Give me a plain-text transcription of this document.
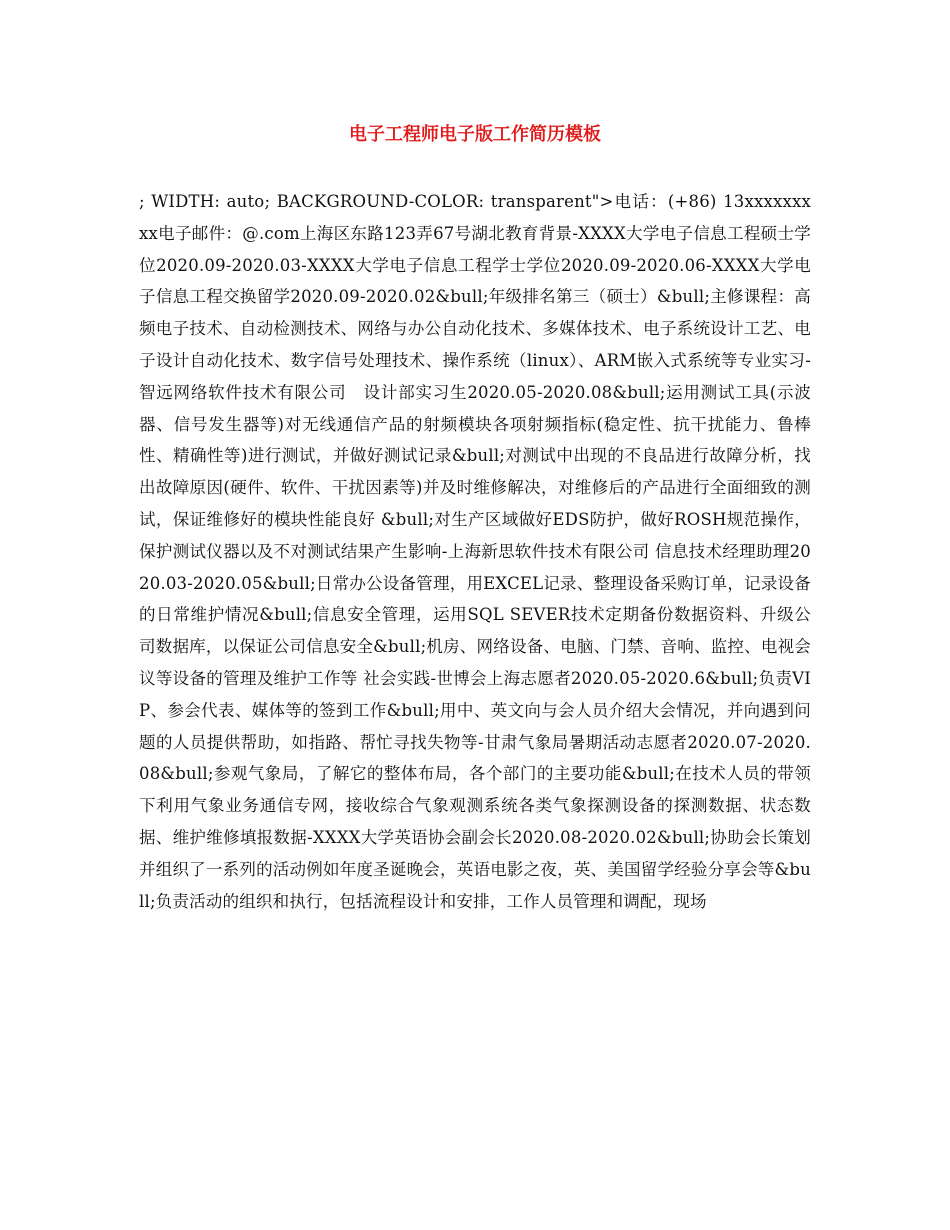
电子工程师电子版工作简历模板

; WIDTH: auto; BACKGROUND-COLOR: transparent">电话：(+86) 13xxxxxxxxx电子邮件：@.com上海区东路123弄67号湖北教育背景-XXXX大学电子信息工程硕士学位2020.09-2020.03-XXXX大学电子信息工程学士学位2020.09-2020.06-XXXX大学电子信息工程交换留学2020.09-2020.02&bull;年级排名第三（硕士）&bull;主修课程：高频电子技术、自动检测技术、网络与办公自动化技术、多媒体技术、电子系统设计工艺、电子设计自动化技术、数字信号处理技术、操作系统（linux）、ARM嵌入式系统等专业实习-智远网络软件技术有限公司　设计部实习生2020.05-2020.08&bull;运用测试工具(示波器、信号发生器等)对无线通信产品的射频模块各项射频指标(稳定性、抗干扰能力、鲁棒性、精确性等)进行测试，并做好测试记录&bull;对测试中出现的不良品进行故障分析，找出故障原因(硬件、软件、干扰因素等)并及时维修解决，对维修后的产品进行全面细致的测试，保证维修好的模块性能良好 &bull;对生产区域做好EDS防护，做好ROSH规范操作，保护测试仪器以及不对测试结果产生影响-上海新思软件技术有限公司 信息技术经理助理2020.03-2020.05&bull;日常办公设备管理，用EXCEL记录、整理设备采购订单，记录设备的日常维护情况&bull;信息安全管理，运用SQL SEVER技术定期备份数据资料、升级公司数据库，以保证公司信息安全&bull;机房、网络设备、电脑、门禁、音响、监控、电视会议等设备的管理及维护工作等 社会实践-世博会上海志愿者2020.05-2020.6&bull;负责VIP、参会代表、媒体等的签到工作&bull;用中、英文向与会人员介绍大会情况，并向遇到问题的人员提供帮助，如指路、帮忙寻找失物等-甘肃气象局暑期活动志愿者2020.07-2020.08&bull;参观气象局，了解它的整体布局，各个部门的主要功能&bull;在技术人员的带领下利用气象业务通信专网，接收综合气象观测系统各类气象探测设备的探测数据、状态数据、维护维修填报数据-XXXX大学英语协会副会长2020.08-2020.02&bull;协助会长策划并组织了一系列的活动例如年度圣诞晚会，英语电影之夜，英、美国留学经验分享会等&bull;负责活动的组织和执行，包括流程设计和安排，工作人员管理和调配，现场
